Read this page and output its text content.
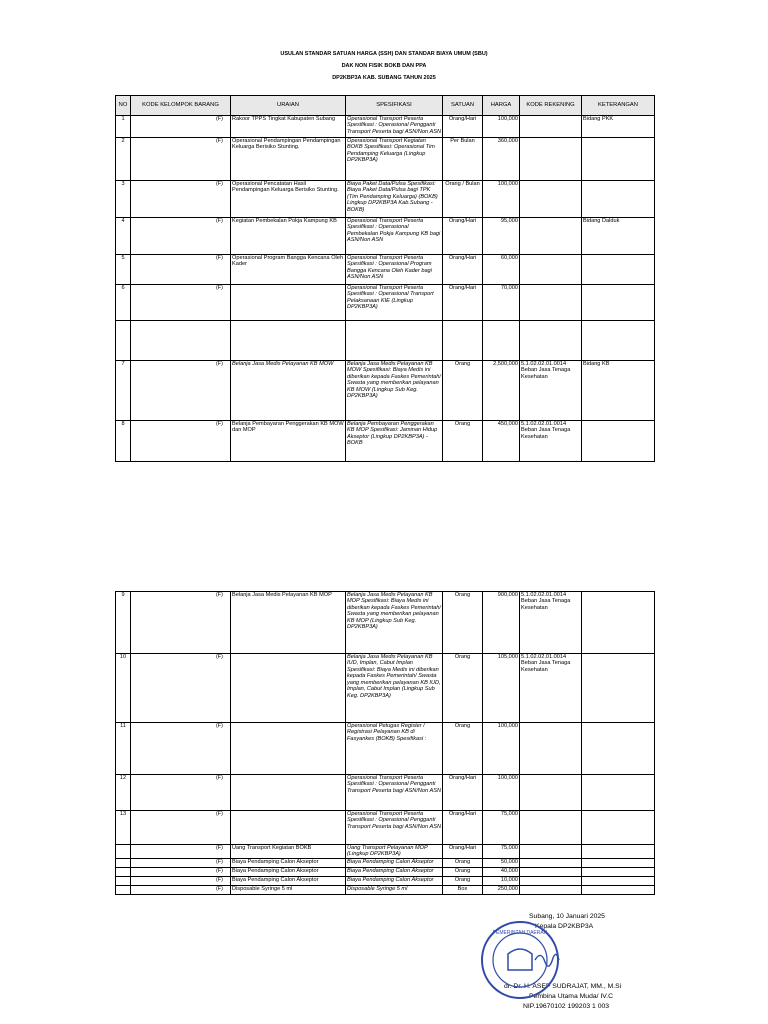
USULAN STANDAR SATUAN HARGA (SSH) DAN STANDAR BIAYA UMUM (SBU)
DAK NON FISIK BOKB DAN PPA
DP2KBP3A KAB. SUBANG TAHUN 2025
NO	KODE KELOMPOK BARANG	URAIAN	SPESIFIKASI	SATUAN	HARGA	KODE REKENING	KETERANGAN
1	(F)	Rakoor TPPS Tingkat Kabupaten Subang	Operasional Transport Peserta Spesifikasi : Operasional Pengganti Transport Peserta bagi ASN/Non ASN	Orang/Hari	100,000		Bidang PKK
2	(F)	Operasional Pendampingan Pendampingan Keluarga Berisiko Stunting.	Operasional Transport Kegiatan BOKB Spesifikasi: Operasional Tim Pendamping Keluarga (Lingkup DP2KBP3A)	Per Bulan	360,000		
3	(F)	Operasional Pencatatan Hasil Pendampingan Keluarga Berisiko Stunting.	Biaya Paket Data/Pulsa Spesifikasi: Biaya Paket Data/Pulsa bagi TPK (Tim Pendamping Keluarga) (BOKB) Lingkup DP2KBP3A Kab.Subang - BOKB)	Orang / Bulan	100,000		
4	(F)	Kegiatan Pembekalan Pokja Kampung KB	Operasional Transport Peserta Spesifikasi : Operasional Pembekalan Pokja Kampung KB bagi ASN/Non ASN	Orang/Hari	95,000		Bidang Dalduk
5	(F)	Operasional Program Bangga Kencana Oleh Kader	Operasional Transport Peserta Spesifikasi : Operasional Program Bangga Kencana Oleh Kader bagi ASN/Non ASN	Orang/Hari	60,000		
6	(F)		Operasional Transport Peserta Spesifikasi : Operasional Transport Pelaksanaan KIE (Lingkup DP2KBP3A)	Orang/Hari	70,000		

7	(F)	Belanja Jasa Medis Pelayanan KB MOW	Belanja Jasa Medis Pelayanan KB MOW Spesifikasi: Biaya Medis ini diberikan kepada Faskes Pemerintah/ Swasta yang memberikan pelayanan KB MOW (Lingkup Sub Keg. DP2KBP3A)	Orang	2,500,000	5.1.02.02.01.0014 Beban Jasa Tenaga Kesehatan	Bidang KB
8	(F)	Belanja Pembayaran Penggerakan KB MOW dan MOP	Belanja Pembayaran Penggerakan KB MOP Spesifikasi: Jaminan Hidup Akseptor (Lingkup DP2KBP3A) - BOKB	Orang	450,000	5.1.02.02.01.0014 Beban Jasa Tenaga Kesehatan	
9	(F)	Belanja Jasa Medis Pelayanan KB MOP	Belanja Jasa Medis Pelayanan KB MOP Spesifikasi: Biaya Medis ini diberikan kepada Faskes Pemerintah/ Swasta yang memberikan pelayanan KB MOP (Lingkup Sub Keg. DP2KBP3A)	Orang	900,000	5.1.02.02.01.0014 Beban Jasa Tenaga Kesehatan	
10	(F)		Belanja Jasa Medis Pelayanan KB IUD, Implan, Cabut Implan Spesifikasi: Biaya Medis ini diberikan kepada Faskes Pemerintah/ Swasta yang memberikan pelayanan KB IUD, Implan, Cabut Implan (Lingkup Sub Keg. DP2KBP3A)	Orang	105,000	5.1.02.02.01.0014 Beban Jasa Tenaga Kesehatan	
11	(F)		Operasional Petugas Register / Registrasi Pelayanan KB di Fasyankes (BOKB) Spesifikasi :	Orang	100,000		
12	(F)		Operasional Transport Peserta Spesifikasi : Operasional Pengganti Transport Peserta bagi ASN/Non ASN	Orang/Hari	100,000		
13	(F)		Operasional Transport Peserta Spesifikasi : Operasional Pengganti Transport Peserta bagi ASN/Non ASN	Orang/Hari	75,000		

	(F)	Uang Transport Kegiatan BOKB	Uang Transport Pelayanan MOP (Lingkup DP2KBP3A)	Orang/Hari	75,000		

	(F)	Biaya Pendamping Calon Akseptor	Biaya Pendamping Calon Akseptor	Orang	50,000		

	(F)	Biaya Pendamping Calon Akseptor	Biaya Pendamping Calon Akseptor	Orang	40,000		

	(F)	Biaya Pendamping Calon Akseptor	Biaya Pendamping Calon Akseptor	Orang	10,000		

	(F)	Disposable Syringe 5 ml	Disposable Syringe 5 ml	Box	250,000		
Subang, 10 Januari 2025
Kepala DP2KBP3A
dr. Dr. H. ASEP SUDRAJAT, MM., M.Si
Pembina Utama Muda/ IV.C
NIP.19670102 199203 1 003
PEMERINTAH DAERAH
